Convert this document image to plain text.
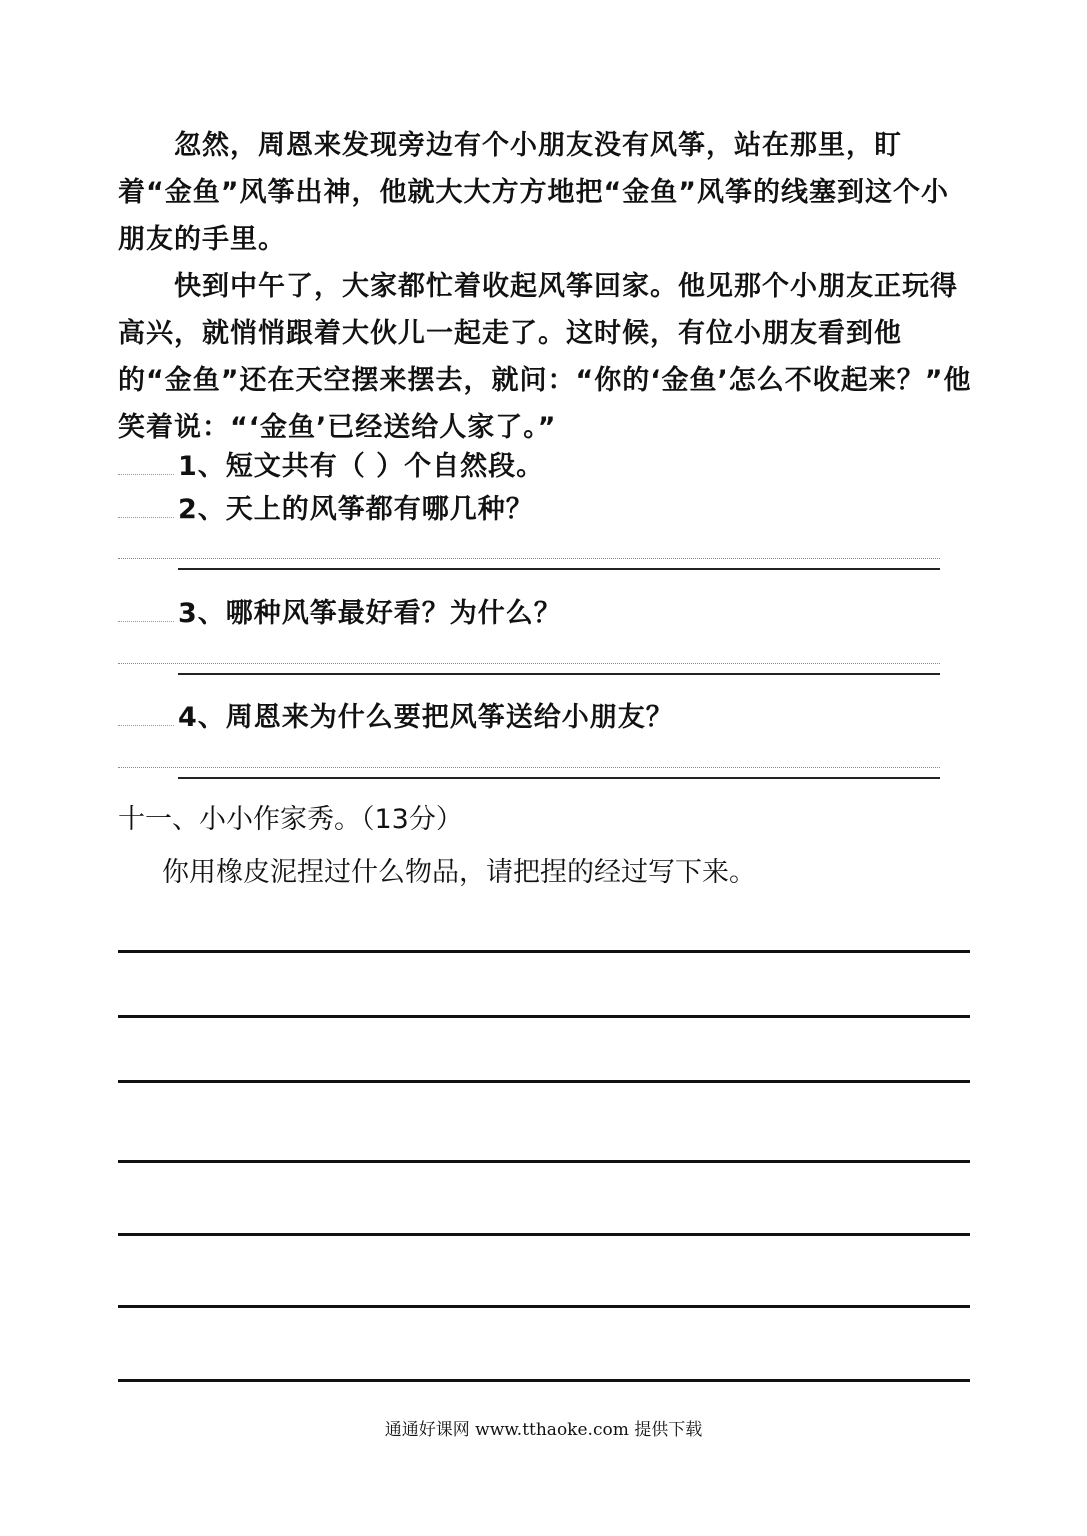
忽然，周恩来发现旁边有个小朋友没有风筝，站在那里，盯着“金鱼”风筝出神，他就大大方方地把“金鱼”风筝的线塞到这个小朋友的手里。

快到中午了，大家都忙着收起风筝回家。他见那个小朋友正玩得高兴，就悄悄跟着大伙儿一起走了。这时候，有位小朋友看到他的“金鱼”还在天空摆来摆去，就问：“你的‘金鱼’怎么不收起来？”他笑着说：“‘金鱼’已经送给人家了。”

1、短文共有（ ）个自然段。
2、天上的风筝都有哪几种？
3、哪种风筝最好看？为什么？
4、周恩来为什么要把风筝送给小朋友？
十一、小小作家秀。（13分）
你用橡皮泥捏过什么物品，请把捏的经过写下来。
通通好课网 www.tthaoke.com 提供下载
